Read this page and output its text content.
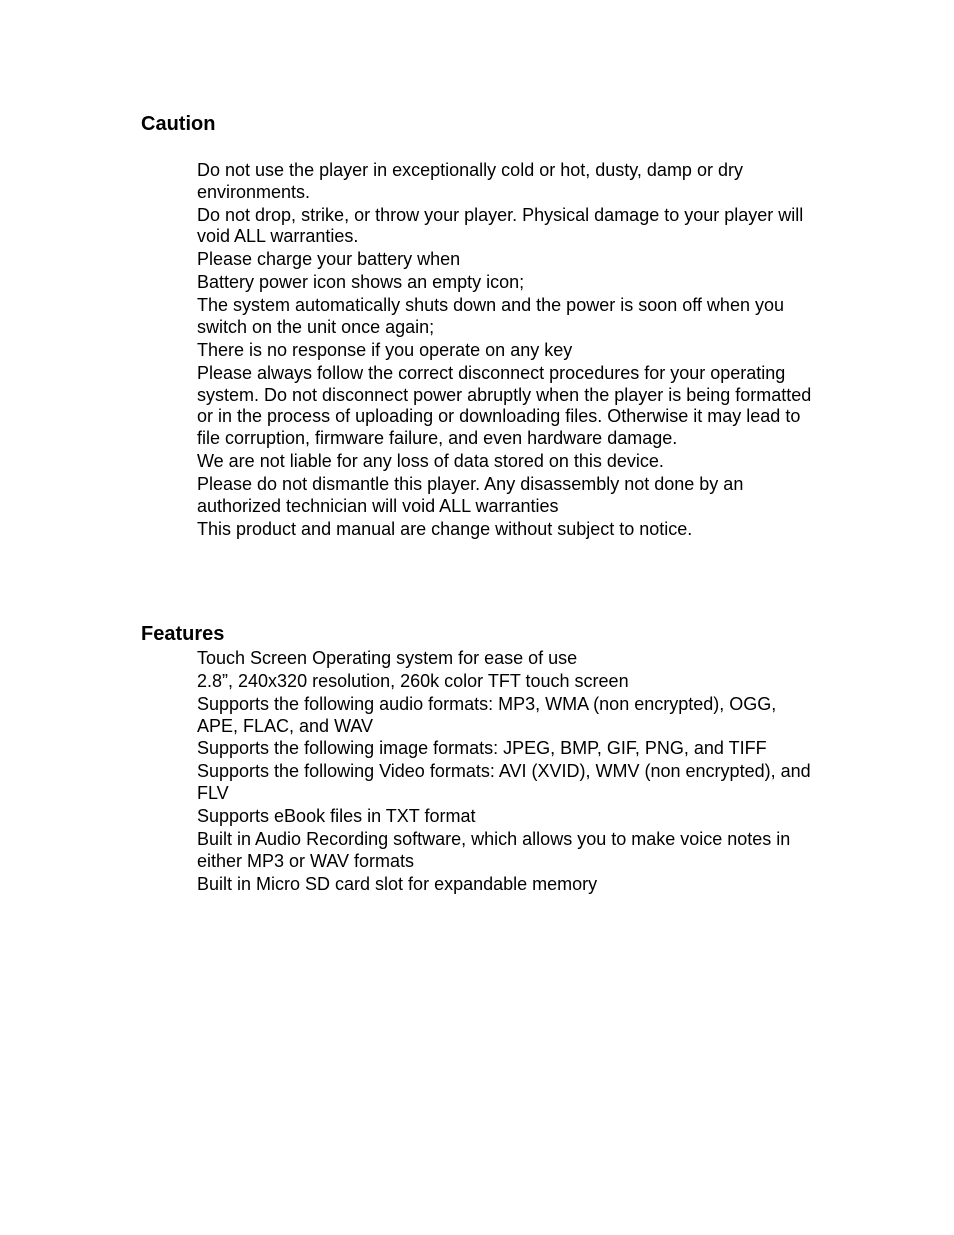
Caution
Do not use the player in exceptionally cold or hot, dusty, damp or dry environments.
Do not drop, strike, or throw your player. Physical damage to your player will void ALL warranties.
Please charge your battery when
Battery power icon shows an empty icon;
The system automatically shuts down and the power is soon off when you switch on the unit once again;
There is no response if you operate on any key
Please always follow the correct disconnect procedures for your operating system. Do not disconnect power abruptly when the player is being formatted or in the process of uploading or downloading files. Otherwise it may lead to file corruption, firmware failure, and even hardware damage.
We are not liable for any loss of data stored on this device.
Please do not dismantle this player. Any disassembly not done by an authorized technician will void ALL warranties
This product and manual are change without subject to notice.
Features
Touch Screen Operating system for ease of use
2.8”, 240x320 resolution, 260k color TFT touch screen
Supports the following audio formats: MP3, WMA (non encrypted), OGG, APE, FLAC, and WAV
Supports the following image formats: JPEG, BMP, GIF, PNG, and TIFF
Supports the following Video formats: AVI (XVID), WMV (non encrypted), and FLV
Supports eBook files in TXT format
Built in Audio Recording software, which allows you to make voice notes in either MP3 or WAV formats
Built in Micro SD card slot for expandable memory
